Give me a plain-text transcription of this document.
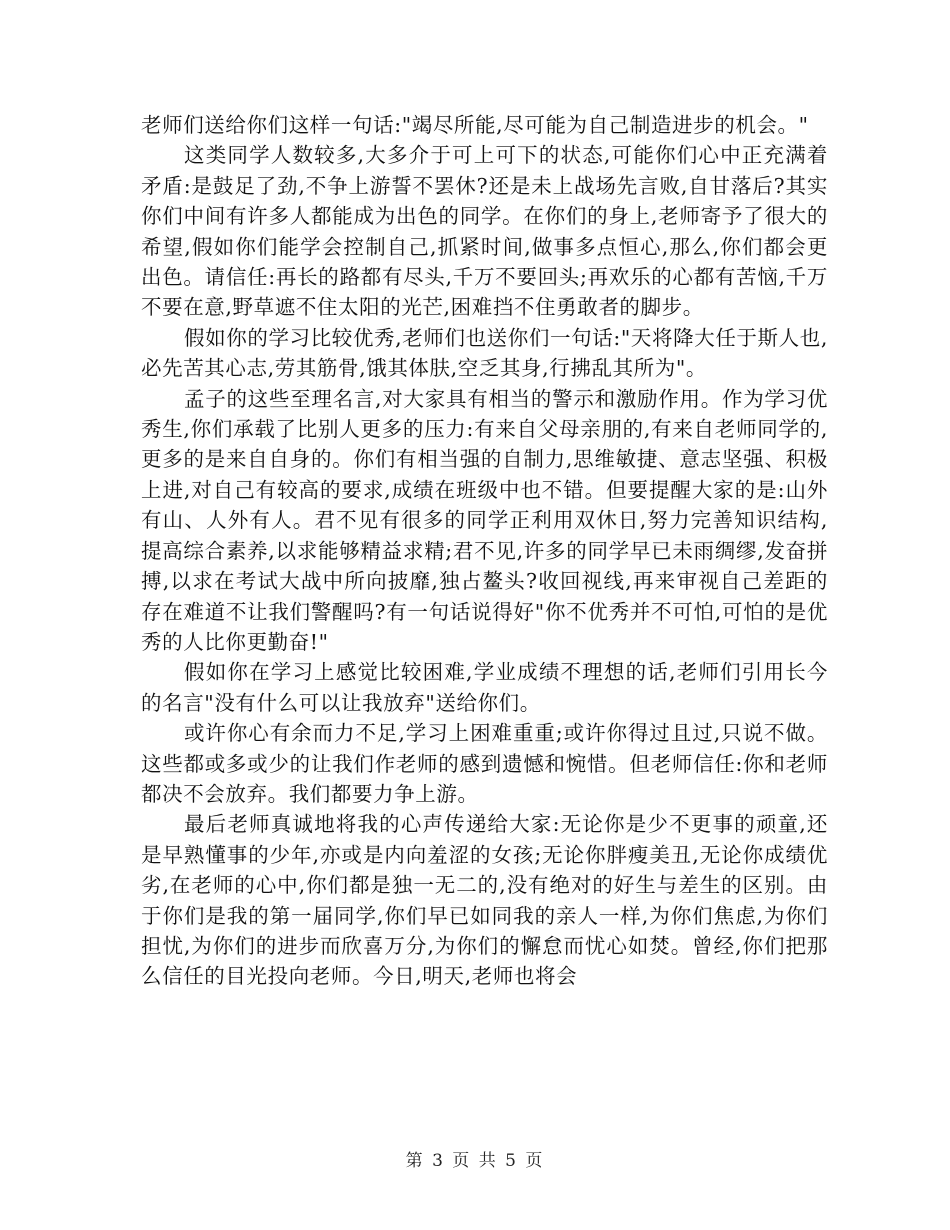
老师们送给你们这样一句话:"竭尽所能,尽可能为自己制造进步的机会。"

这类同学人数较多,大多介于可上可下的状态,可能你们心中正充满着矛盾:是鼓足了劲,不争上游誓不罢休?还是未上战场先言败,自甘落后?其实你们中间有许多人都能成为出色的同学。在你们的身上,老师寄予了很大的希望,假如你们能学会控制自己,抓紧时间,做事多点恒心,那么,你们都会更出色。请信任:再长的路都有尽头,千万不要回头;再欢乐的心都有苦恼,千万不要在意,野草遮不住太阳的光芒,困难挡不住勇敢者的脚步。

假如你的学习比较优秀,老师们也送你们一句话:"天将降大任于斯人也,必先苦其心志,劳其筋骨,饿其体肤,空乏其身,行拂乱其所为"。

孟子的这些至理名言,对大家具有相当的警示和激励作用。作为学习优秀生,你们承载了比别人更多的压力:有来自父母亲朋的,有来自老师同学的,更多的是来自自身的。你们有相当强的自制力,思维敏捷、意志坚强、积极上进,对自己有较高的要求,成绩在班级中也不错。但要提醒大家的是:山外有山、人外有人。君不见有很多的同学正利用双休日,努力完善知识结构,提高综合素养,以求能够精益求精;君不见,许多的同学早已未雨绸缪,发奋拼搏,以求在考试大战中所向披靡,独占鳌头?收回视线,再来审视自己差距的存在难道不让我们警醒吗?有一句话说得好"你不优秀并不可怕,可怕的是优秀的人比你更勤奋!"

假如你在学习上感觉比较困难,学业成绩不理想的话,老师们引用长今的名言"没有什么可以让我放弃"送给你们。

或许你心有余而力不足,学习上困难重重;或许你得过且过,只说不做。这些都或多或少的让我们作老师的感到遗憾和惋惜。但老师信任:你和老师都决不会放弃。我们都要力争上游。

最后老师真诚地将我的心声传递给大家:无论你是少不更事的顽童,还是早熟懂事的少年,亦或是内向羞涩的女孩;无论你胖瘦美丑,无论你成绩优劣,在老师的心中,你们都是独一无二的,没有绝对的好生与差生的区别。由于你们是我的第一届同学,你们早已如同我的亲人一样,为你们焦虑,为你们担忧,为你们的进步而欣喜万分,为你们的懈怠而忧心如焚。曾经,你们把那么信任的目光投向老师。今日,明天,老师也将会

第 3 页 共 5 页
